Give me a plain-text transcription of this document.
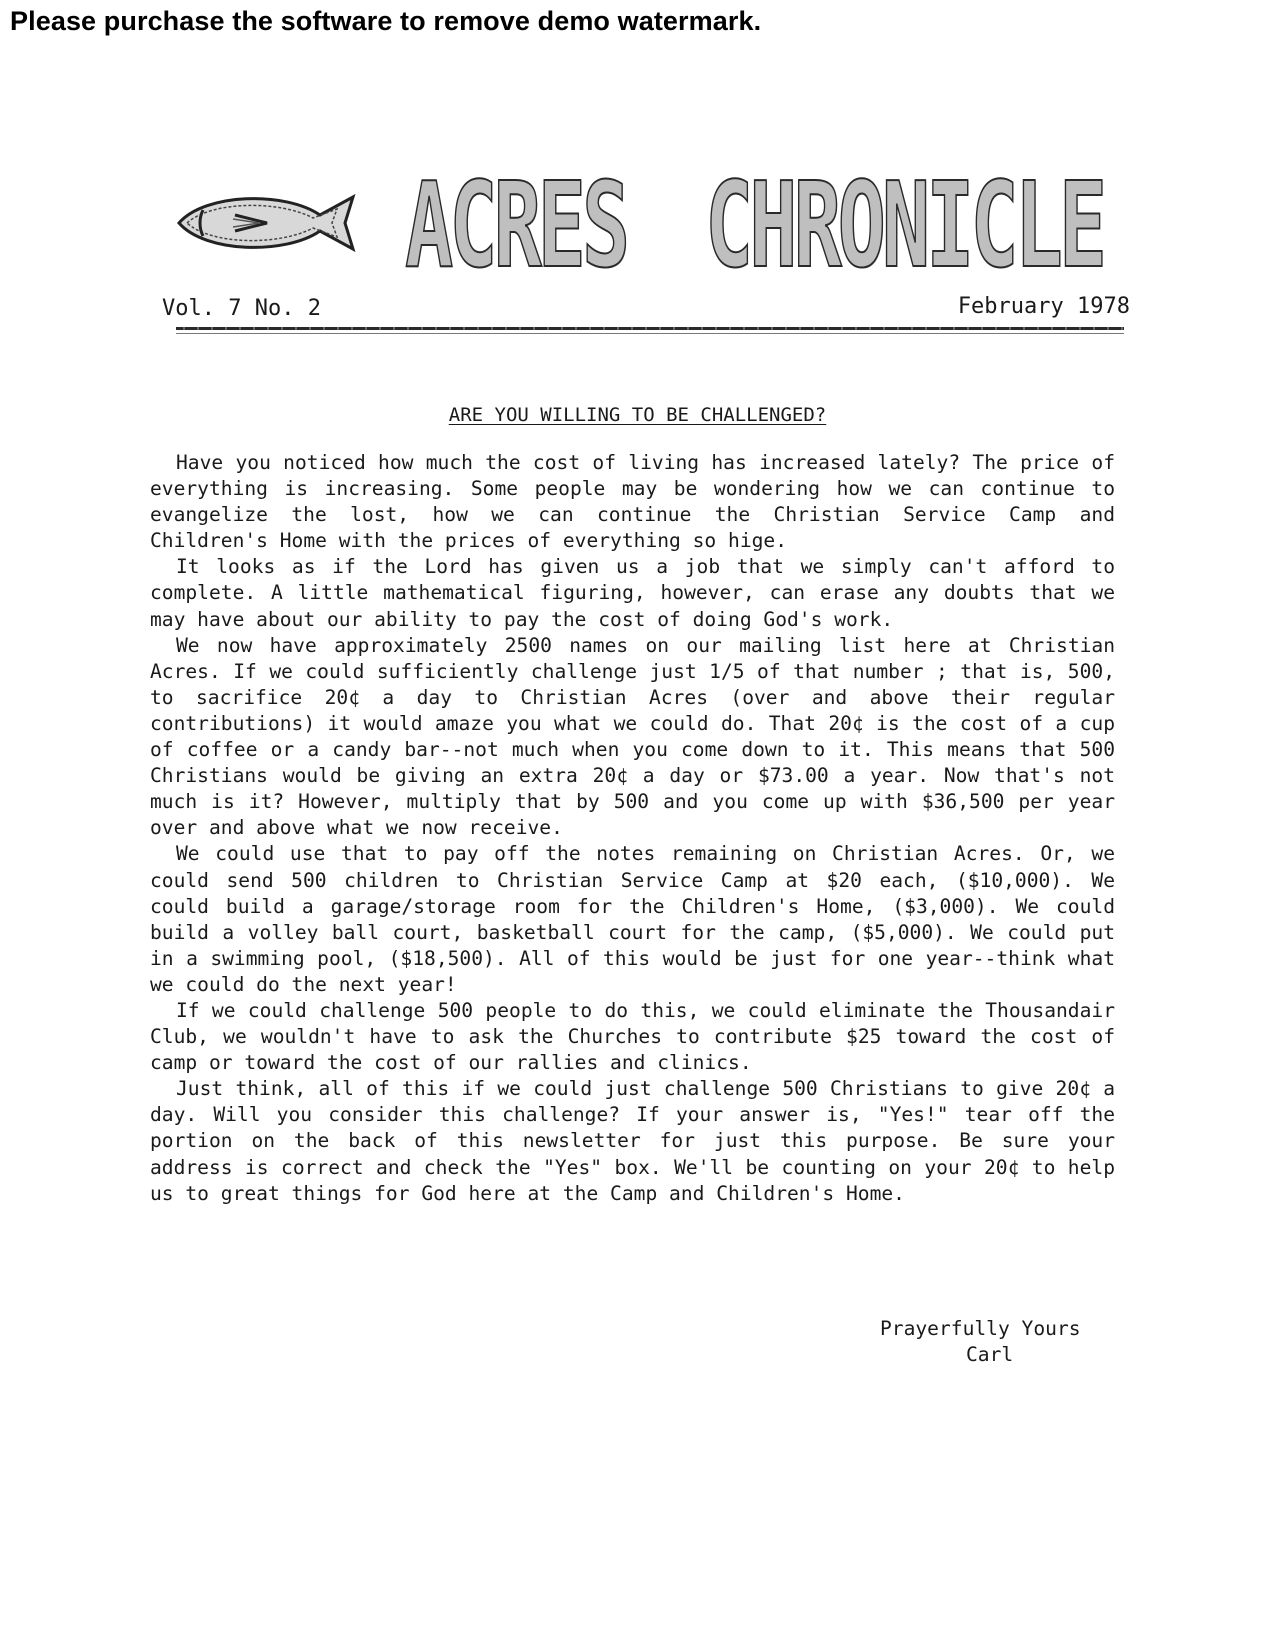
Please purchase the software to remove demo watermark.
ACRES CHRONICLE
Vol. 7 No. 2	February 1978
ARE YOU WILLING TO BE CHALLENGED?

Have you noticed how much the cost of living has increased lately? The price of everything is increasing. Some people may be wondering how we can continue to evangelize the lost, how we can continue the Christian Service Camp and Children's Home with the prices of everything so hige.

It looks as if the Lord has given us a job that we simply can't afford to complete. A little mathematical figuring, however, can erase any doubts that we may have about our ability to pay the cost of doing God's work.

We now have approximately 2500 names on our mailing list here at Christian Acres. If we could sufficiently challenge just 1/5 of that number ; that is, 500, to sacrifice 20¢ a day to Christian Acres (over and above their regular contributions) it would amaze you what we could do. That 20¢ is the cost of a cup of coffee or a candy bar--not much when you come down to it. This means that 500 Christians would be giving an extra 20¢ a day or $73.00 a year. Now that's not much is it? However, multiply that by 500 and you come up with $36,500 per year over and above what we now receive.

We could use that to pay off the notes remaining on Christian Acres. Or, we could send 500 children to Christian Service Camp at $20 each, ($10,000). We could build a garage/storage room for the Children's Home, ($3,000). We could build a volley ball court, basketball court for the camp, ($5,000). We could put in a swimming pool, ($18,500). All of this would be just for one year--think what we could do the next year!

If we could challenge 500 people to do this, we could eliminate the Thousandair Club, we wouldn't have to ask the Churches to contribute $25 toward the cost of camp or toward the cost of our rallies and clinics.

Just think, all of this if we could just challenge 500 Christians to give 20¢ a day. Will you consider this challenge? If your answer is, "Yes!" tear off the portion on the back of this newsletter for just this purpose. Be sure your address is correct and check the "Yes" box. We'll be counting on your 20¢ to help us to great things for God here at the Camp and Children's Home.

Prayerfully Yours
Carl
